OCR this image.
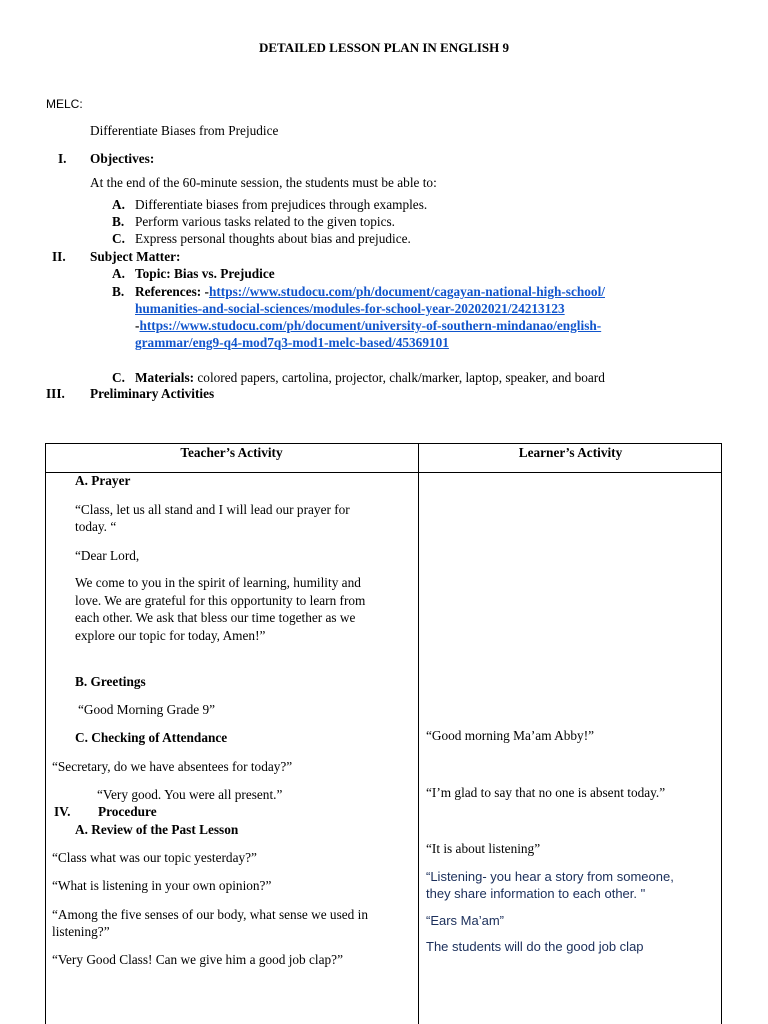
DETAILED LESSON PLAN IN ENGLISH 9
MELC:
Differentiate Biases from Prejudice
I. Objectives:
At the end of the 60-minute session, the students must be able to:
A. Differentiate biases from prejudices through examples.
B. Perform various tasks related to the given topics.
C. Express personal thoughts about bias and prejudice.
II. Subject Matter:
A. Topic: Bias vs. Prejudice
B. References: -https://www.studocu.com/ph/document/cagayan-national-high-school/
humanities-and-social-sciences/modules-for-school-year-20202021/24213123
-https://www.studocu.com/ph/document/university-of-southern-mindanao/english-
grammar/eng9-q4-mod7q3-mod1-melc-based/45369101
C. Materials: colored papers, cartolina, projector, chalk/marker, laptop, speaker, and board
III. Preliminary Activities
Teacher’s Activity	Learner’s Activity
A. Prayer
“Class, let us all stand and I will lead our prayer for
today. “
“Dear Lord,
We come to you in the spirit of learning, humility and
love. We are grateful for this opportunity to learn from
each other. We ask that bless our time together as we
explore our topic for today, Amen!”
B. Greetings
“Good Morning Grade 9”
C. Checking of Attendance
“Secretary, do we have absentees for today?”
“Very good. You were all present.”
IV. Procedure
A. Review of the Past Lesson
“Class what was our topic yesterday?”
“What is listening in your own opinion?”
“Among the five senses of our body, what sense we used in
listening?”
“Very Good Class! Can we give him a good job clap?”
“Good morning Ma’am Abby!”
“I’m glad to say that no one is absent today.”
“It is about listening”
“Listening- you hear a story from someone,
they share information to each other. "
“Ears Ma’am”
The students will do the good job clap
